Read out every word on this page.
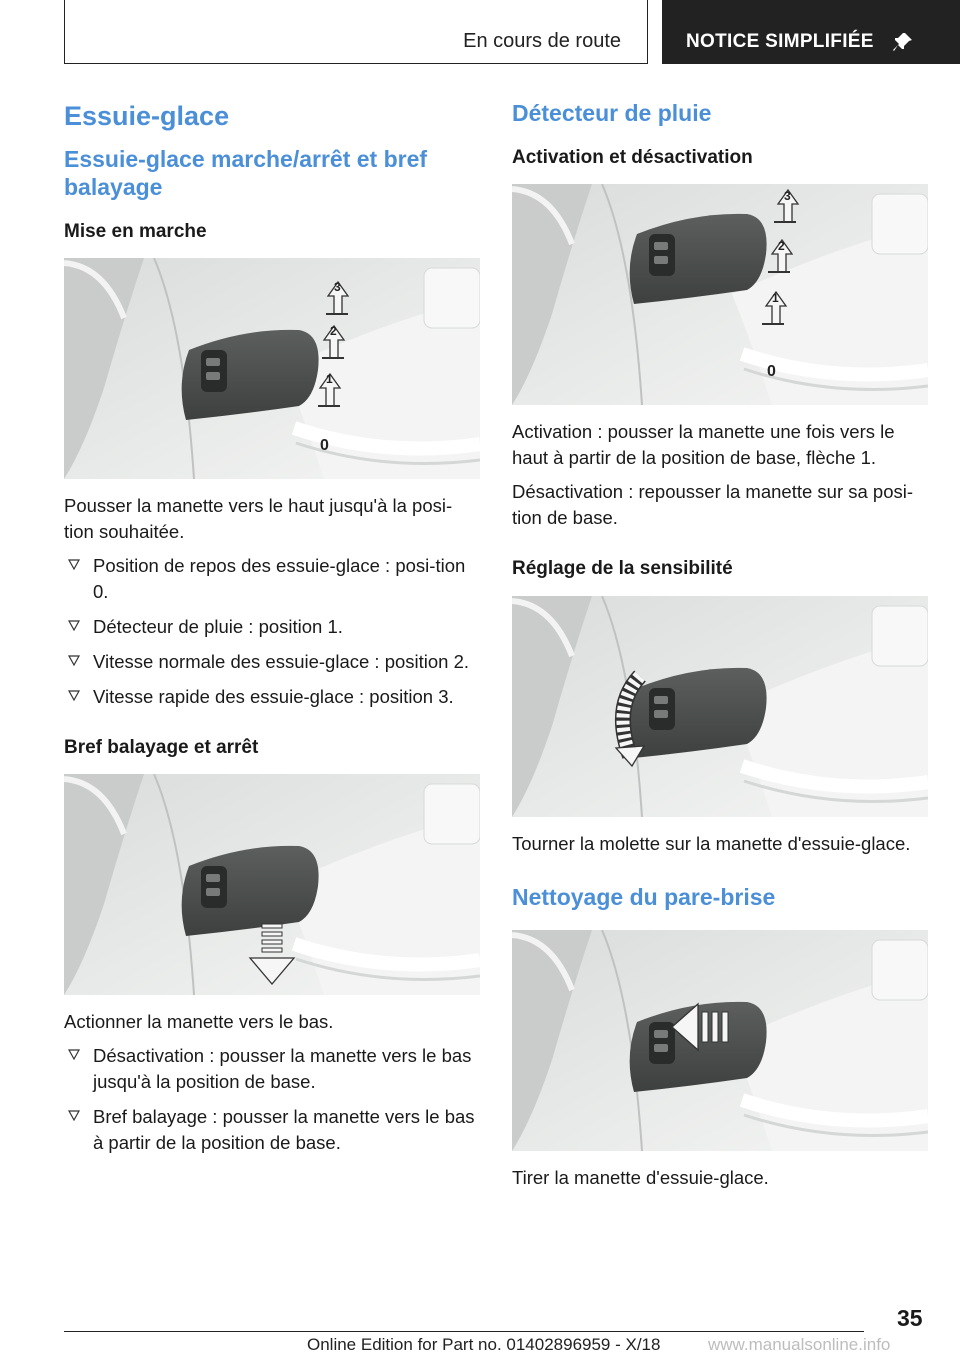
En cours de route	NOTICE SIMPLIFIÉE
Essuie-glace
Essuie-glace marche/arrêt et bref balayage
Mise en marche
3
2
1
0

Pousser la manette vers le haut jusqu'à la posi-tion souhaitée.

Position de repos des essuie-glace : posi-tion 0.
Détecteur de pluie : position 1.
Vitesse normale des essuie-glace : position 2.
Vitesse rapide des essuie-glace : position 3.
Bref balayage et arrêt

Actionner la manette vers le bas.

Désactivation : pousser la manette vers le bas jusqu'à la position de base.
Bref balayage : pousser la manette vers le bas à partir de la position de base.
Détecteur de pluie
Activation et désactivation
3
2
1
0

Activation : pousser la manette une fois vers le haut à partir de la position de base, flèche 1.

Désactivation : repousser la manette sur sa posi-tion de base.

Réglage de la sensibilité

Tourner la molette sur la manette d'essuie-glace.

Nettoyage du pare-brise

Tirer la manette d'essuie-glace.

35
Online Edition for Part no. 01402896959 - X/18	www.manualsonline.info
